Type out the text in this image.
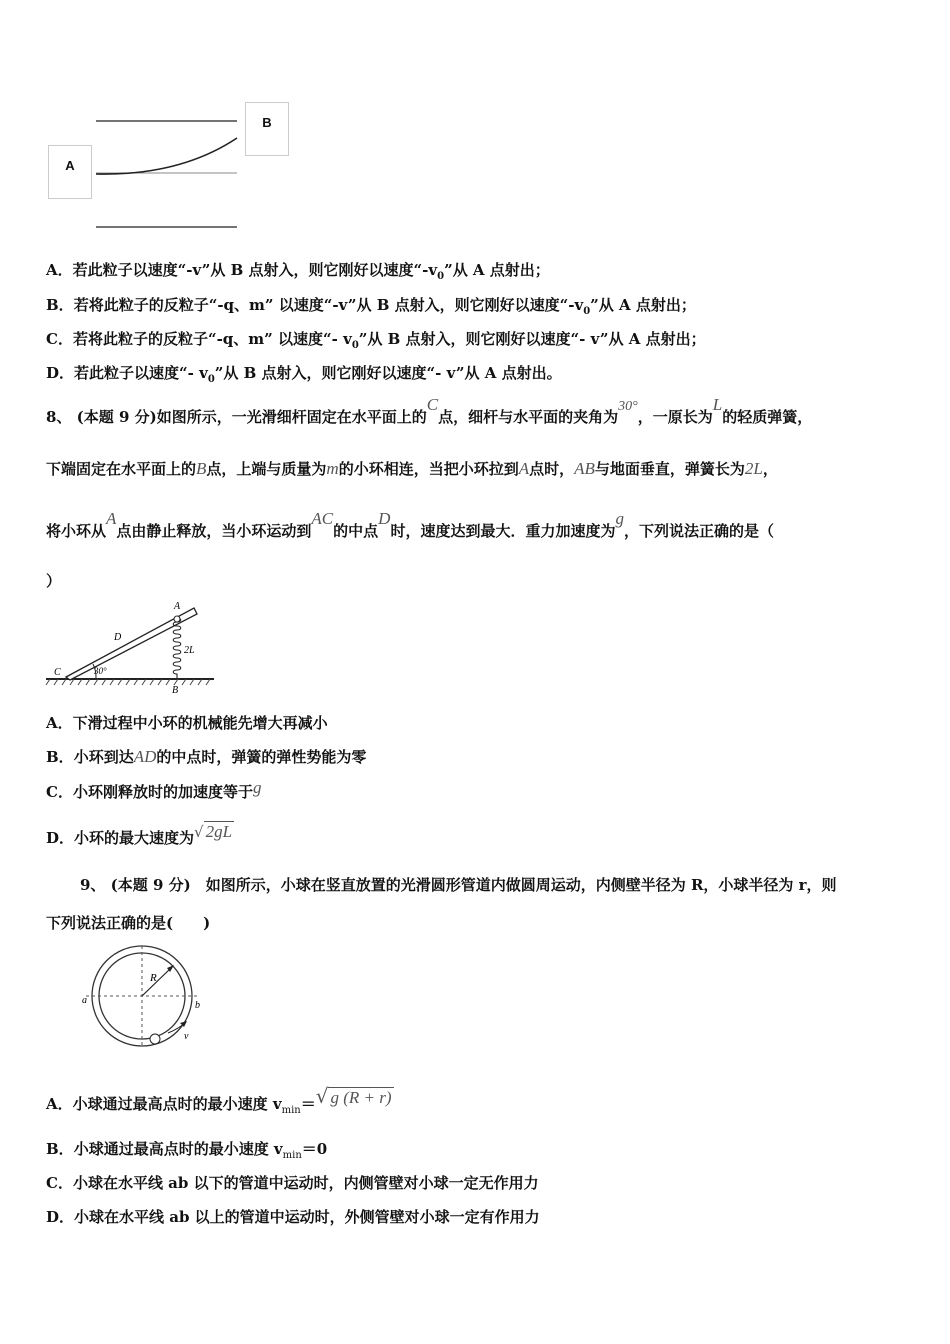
A
B
A．若此粒子以速度“-v”从 B 点射入，则它刚好以速度“$-v_0$”从 A 点射出；
B．若将此粒子的反粒子“-q、m” 以速度“-v”从 B 点射入，则它刚好以速度“$-v_0$”从 A 点射出；
C．若将此粒子的反粒子“-q、m” 以速度“- $v_0$”从 B 点射入，则它刚好以速度“- v”从 A 点射出；
D．若此粒子以速度“- $v_0$”从 B 点射入，则它刚好以速度“- v”从 A 点射出。
8、 (本题 9 分)如图所示，一光滑细杆固定在水平面上的C点，细杆与水平面的夹角为30°，一原长为L的轻质弹簧，
下端固定在水平面上的B点，上端与质量为m的小环相连，当把小环拉到A点时，AB与地面垂直，弹簧长为2L，
将小环从A点由静止释放，当小环运动到AC的中点D时，速度达到最大．重力加速度为g，下列说法正确的是（
）
A
B
C
D
2L
30°
A．下滑过程中小环的机械能先增大再减小
B．小环到达AD的中点时，弹簧的弹性势能为零
C．小环刚释放时的加速度等于g
D．小环的最大速度为√ 2gL
9、 (本题 9 分)　如图所示，小球在竖直放置的光滑圆形管道内做圆周运动，内侧壁半径为 R，小球半径为 r，则
下列说法正确的是(　　)
R
a	b
v
A．小球通过最高点时的最小速度 $v_{min}=√$ g (R + r)
B．小球通过最高点时的最小速度 $v_{min}=0$
C．小球在水平线 ab 以下的管道中运动时，内侧管壁对小球一定无作用力
D．小球在水平线 ab 以上的管道中运动时，外侧管壁对小球一定有作用力
